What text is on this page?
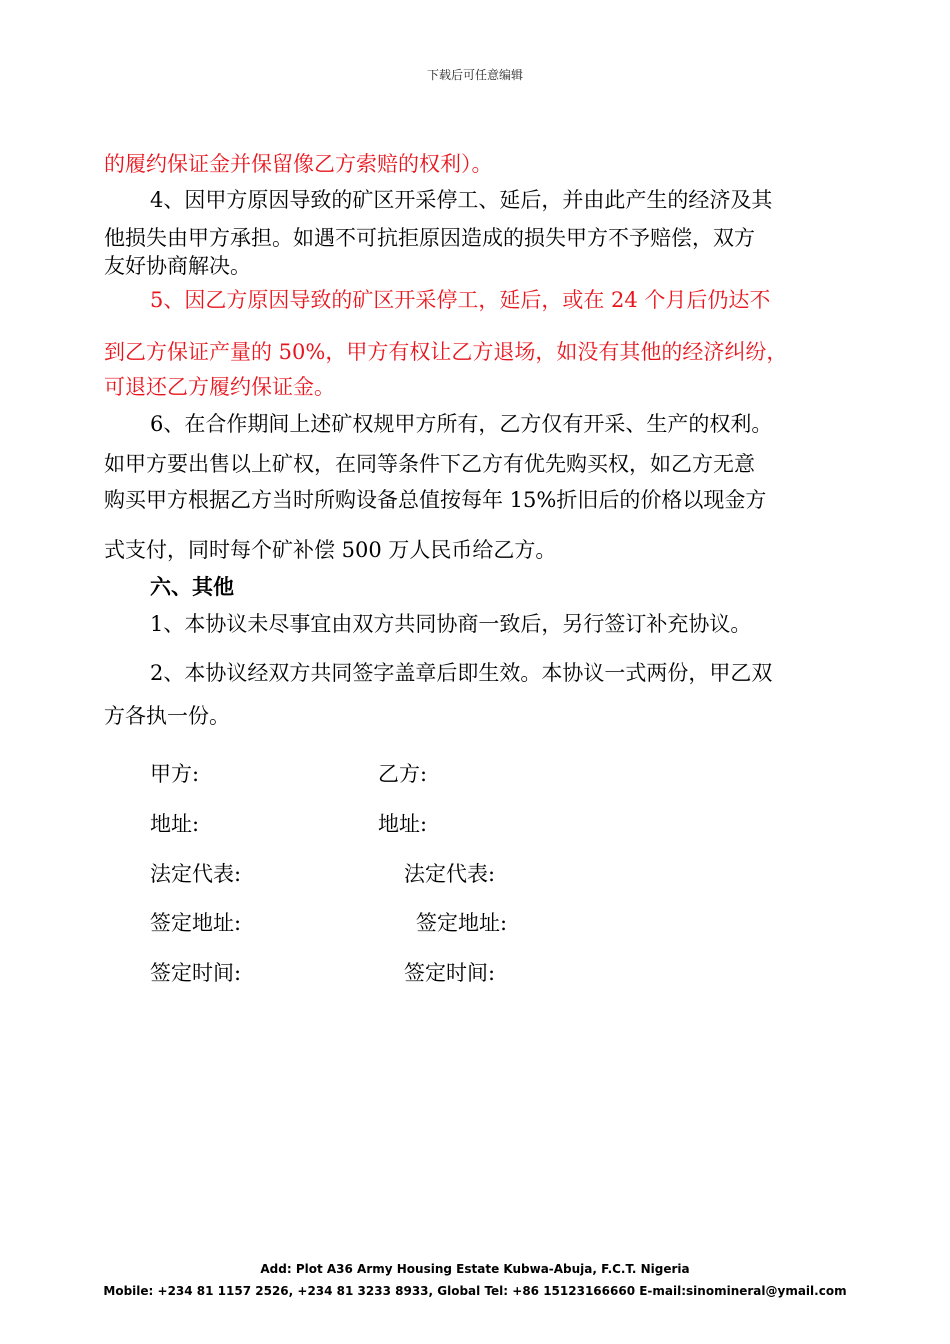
下载后可任意编辑
的履约保证金并保留像乙方索赔的权利）。
4、因甲方原因导致的矿区开采停工、延后，并由此产生的经济及其
他损失由甲方承担。如遇不可抗拒原因造成的损失甲方不予赔偿，双方
友好协商解决。
5、因乙方原因导致的矿区开采停工，延后，或在 24 个月后仍达不
到乙方保证产量的 50%，甲方有权让乙方退场，如没有其他的经济纠纷，
可退还乙方履约保证金。
6、在合作期间上述矿权规甲方所有，乙方仅有开采、生产的权利。
如甲方要出售以上矿权，在同等条件下乙方有优先购买权，如乙方无意
购买甲方根据乙方当时所购设备总值按每年 15%折旧后的价格以现金方
式支付，同时每个矿补偿 500 万人民币给乙方。
六、其他
1、本协议未尽事宜由双方共同协商一致后，另行签订补充协议。
2、本协议经双方共同签字盖章后即生效。本协议一式两份，甲乙双
方各执一份。
甲方:	乙方:
地址:	地址:
法定代表:	法定代表:
签定地址:	签定地址:
签定时间:	签定时间:
Add: Plot A36 Army Housing Estate Kubwa-Abuja, F.C.T. Nigeria
Mobile: +234 81 1157 2526, +234 81 3233 8933, Global Tel: +86 15123166660 E-mail:sinomineral@ymail.com
